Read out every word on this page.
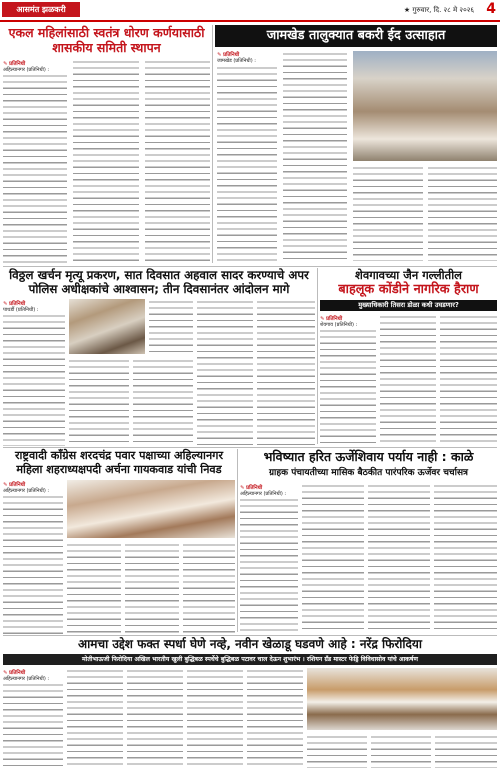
आसमंत झळकरी	★ गुरुवार, दि. २८ मे २०२६ 4
एकल महिलांसाठी स्वतंत्र धोरण कर्णयासाठी शासकीय समिती स्थापन
✎ प्रतिनिधी
अहिल्यानगर (प्रतिनिधी) :
जामखेड तालुक्यात बकरी ईद उत्साहात
✎ प्रतिनिधी
जामखेड (प्रतिनिधी) :
विठ्ठल खर्चन मृत्यू प्रकरण, सात दिवसात अहवाल सादर करण्याचे अपर पोलिस अधीक्षकांचे आश्वासन; तीन दिवसानंतर आंदोलन मागे
✎ प्रतिनिधी
पाथर्डी (प्रतिनिधी) :
शेवगावच्या जैन गल्लीतील
बाहलूक कोंडीने नागरिक हैराण
मुख्याधिकारी तिसरा डोळा कधी उघडणार?
✎ प्रतिनिधी
शेवगाव (प्रतिनिधी) :
राष्ट्रवादी कॉंग्रेस शरदचंद्र पवार पक्षाच्या अहिल्यानगर महिला शहराध्यक्षपदी अर्चना गायकवाड यांची निवड
✎ प्रतिनिधी
अहिल्यानगर (प्रतिनिधी) :
भविष्यात हरित ऊर्जेशिवाय पर्याय नाही : काळे
ग्राहक पंचायतीच्या मासिक बैठकीत पारंपरिक ऊर्जेवर चर्चासत्र
✎ प्रतिनिधी
अहिल्यानगर (प्रतिनिधी) :
आमचा उद्देश फक्त स्पर्धा घेणे नव्हे, नवीन खेळाडू घडवणे आहे : नरेंद्र फिरोदिया
मोतीभाऊजी फिरोदिया अखिल भारतीय खुली बुद्धिबळ स्पर्धेचे बुद्धिबळ पटावर चाल देऊन शुभारंभ । रशियन ग्रँड मास्टर फेड्रि विविधासोव यांचे आकर्षण
✎ प्रतिनिधी
अहिल्यानगर (प्रतिनिधी) :
